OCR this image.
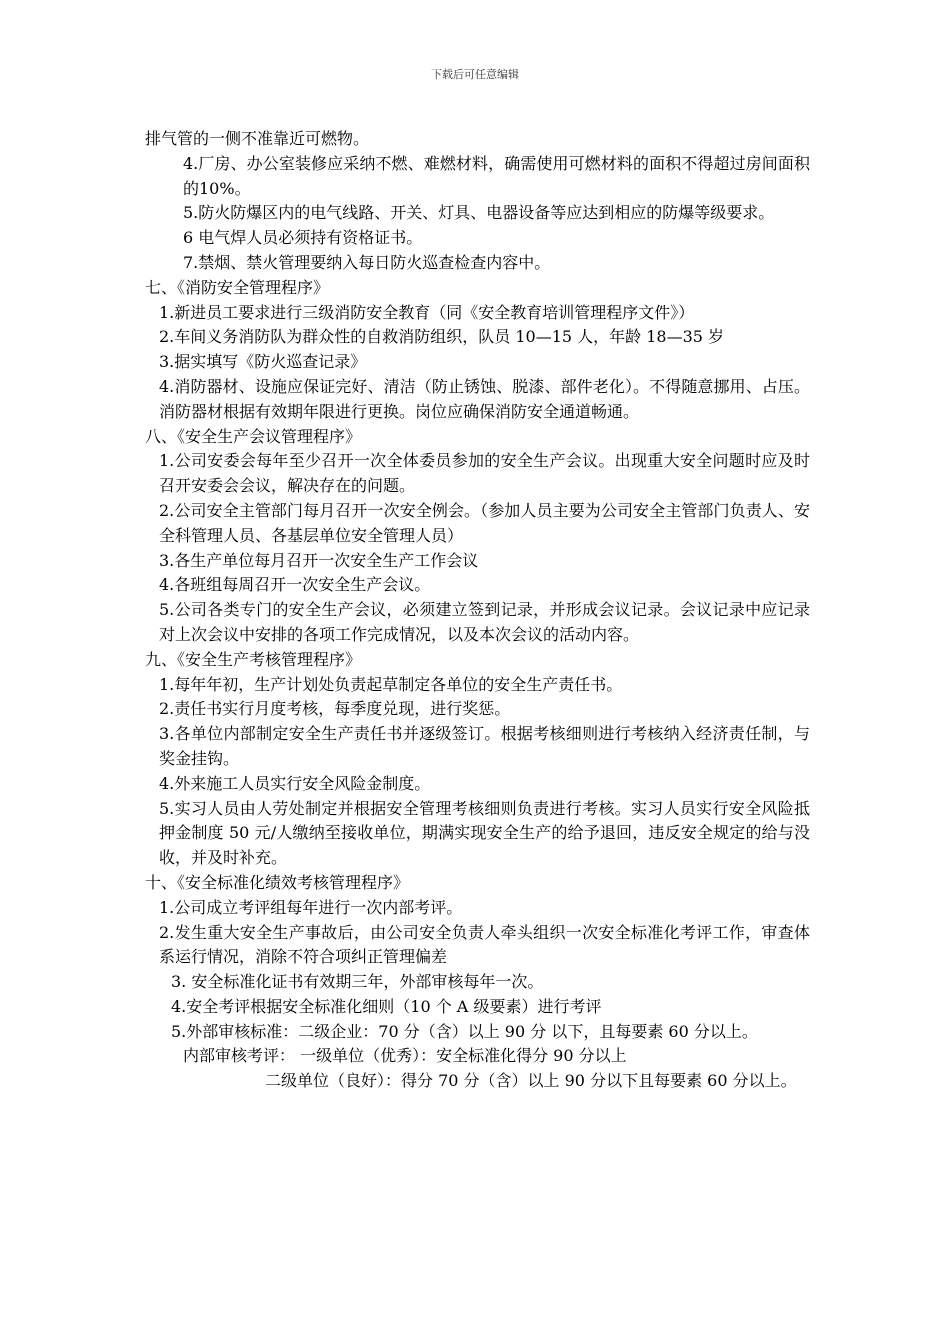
下载后可任意编辑
排气管的一侧不准靠近可燃物。
4.厂房、办公室装修应采纳不燃、难燃材料，确需使用可燃材料的面积不得超过房间面积的10%。
5.防火防爆区内的电气线路、开关、灯具、电器设备等应达到相应的防爆等级要求。
6 电气焊人员必须持有资格证书。
7.禁烟、禁火管理要纳入每日防火巡查检查内容中。
七、《消防安全管理程序》
1.新进员工要求进行三级消防安全教育（同《安全教育培训管理程序文件》）
2.车间义务消防队为群众性的自救消防组织，队员 10—15 人，年龄 18—35 岁
3.据实填写《防火巡查记录》
4.消防器材、设施应保证完好、清洁（防止锈蚀、脱漆、部件老化）。不得随意挪用、占压。消防器材根据有效期年限进行更换。岗位应确保消防安全通道畅通。
八、《安全生产会议管理程序》
1.公司安委会每年至少召开一次全体委员参加的安全生产会议。出现重大安全问题时应及时召开安委会会议，解决存在的问题。
2.公司安全主管部门每月召开一次安全例会。（参加人员主要为公司安全主管部门负责人、安全科管理人员、各基层单位安全管理人员）
3.各生产单位每月召开一次安全生产工作会议
4.各班组每周召开一次安全生产会议。
5.公司各类专门的安全生产会议，必须建立签到记录，并形成会议记录。会议记录中应记录对上次会议中安排的各项工作完成情况，以及本次会议的活动内容。
九、《安全生产考核管理程序》
1.每年年初，生产计划处负责起草制定各单位的安全生产责任书。
2.责任书实行月度考核，每季度兑现，进行奖惩。
3.各单位内部制定安全生产责任书并逐级签订。根据考核细则进行考核纳入经济责任制，与奖金挂钩。
4.外来施工人员实行安全风险金制度。
5.实习人员由人劳处制定并根据安全管理考核细则负责进行考核。实习人员实行安全风险抵押金制度 50 元/人缴纳至接收单位，期满实现安全生产的给予退回，违反安全规定的给与没收，并及时补充。
十、《安全标准化绩效考核管理程序》
1.公司成立考评组每年进行一次内部考评。
2.发生重大安全生产事故后，由公司安全负责人牵头组织一次安全标准化考评工作，审查体系运行情况，消除不符合项纠正管理偏差
3. 安全标准化证书有效期三年，外部审核每年一次。
4.安全考评根据安全标准化细则（10 个 A 级要素）进行考评
5.外部审核标准：二级企业：70 分（含）以上 90 分 以下，且每要素 60 分以上。
内部审核考评： 一级单位（优秀）：安全标准化得分 90 分以上
二级单位（良好）：得分 70 分（含）以上 90 分以下且每要素 60 分以上。
